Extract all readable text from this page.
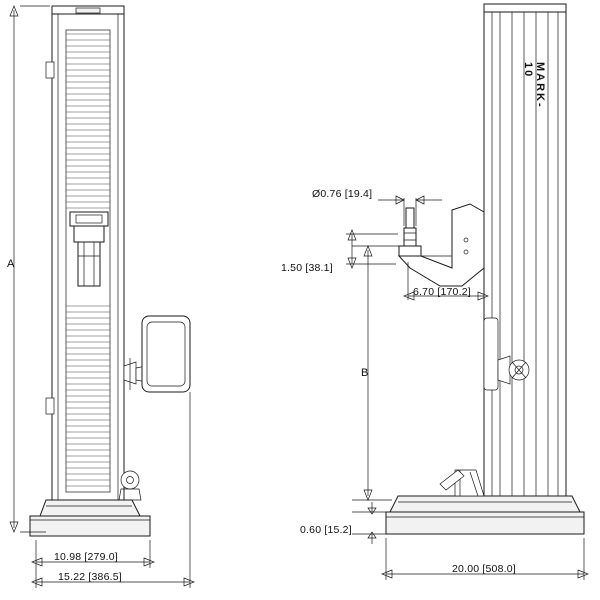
A
B
Ø0.76 [19.4]
1.50 [38.1]
6.70 [170.2]
0.60 [15.2]
10.98 [279.0]
15.22 [386.5]
20.00 [508.0]
MARK-10
